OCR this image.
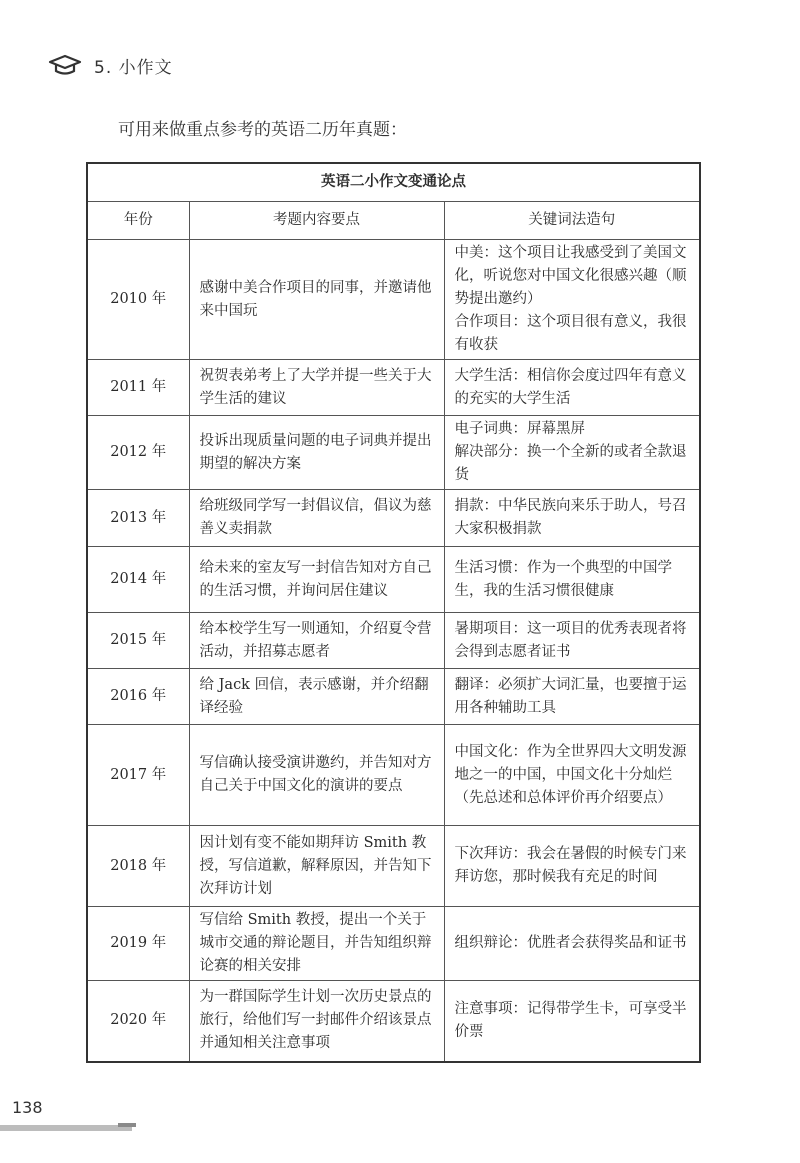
5. 小作文
可用来做重点参考的英语二历年真题：
英语二小作文变通论点		
年份	考题内容要点	关键词法造句
2010 年	感谢中美合作项目的同事，并邀请他来中国玩	中美：这个项目让我感受到了美国文化，听说您对中国文化很感兴趣（顺势提出邀约）
合作项目：这个项目很有意义，我很有收获

2011 年	祝贺表弟考上了大学并提一些关于大学生活的建议	大学生活：相信你会度过四年有意义的充实的大学生活

2012 年	投诉出现质量问题的电子词典并提出期望的解决方案	电子词典：屏幕黑屏
解决部分：换一个全新的或者全款退货

2013 年	给班级同学写一封倡议信，倡议为慈善义卖捐款	捐款：中华民族向来乐于助人，号召大家积极捐款

2014 年	给未来的室友写一封信告知对方自己的生活习惯，并询问居住建议	生活习惯：作为一个典型的中国学生，我的生活习惯很健康

2015 年	给本校学生写一则通知，介绍夏令营活动，并招募志愿者	暑期项目：这一项目的优秀表现者将会得到志愿者证书

2016 年	给 Jack 回信，表示感谢，并介绍翻译经验	翻译：必须扩大词汇量，也要擅于运用各种辅助工具

2017 年	写信确认接受演讲邀约，并告知对方自己关于中国文化的演讲的要点	中国文化：作为全世界四大文明发源地之一的中国，中国文化十分灿烂（先总述和总体评价再介绍要点）

2018 年	因计划有变不能如期拜访 Smith 教授，写信道歉，解释原因，并告知下次拜访计划	下次拜访：我会在暑假的时候专门来拜访您，那时候我有充足的时间

2019 年	写信给 Smith 教授，提出一个关于城市交通的辩论题目，并告知组织辩论赛的相关安排	组织辩论：优胜者会获得奖品和证书

2020 年	为一群国际学生计划一次历史景点的旅行，给他们写一封邮件介绍该景点并通知相关注意事项	注意事项：记得带学生卡，可享受半价票
138
